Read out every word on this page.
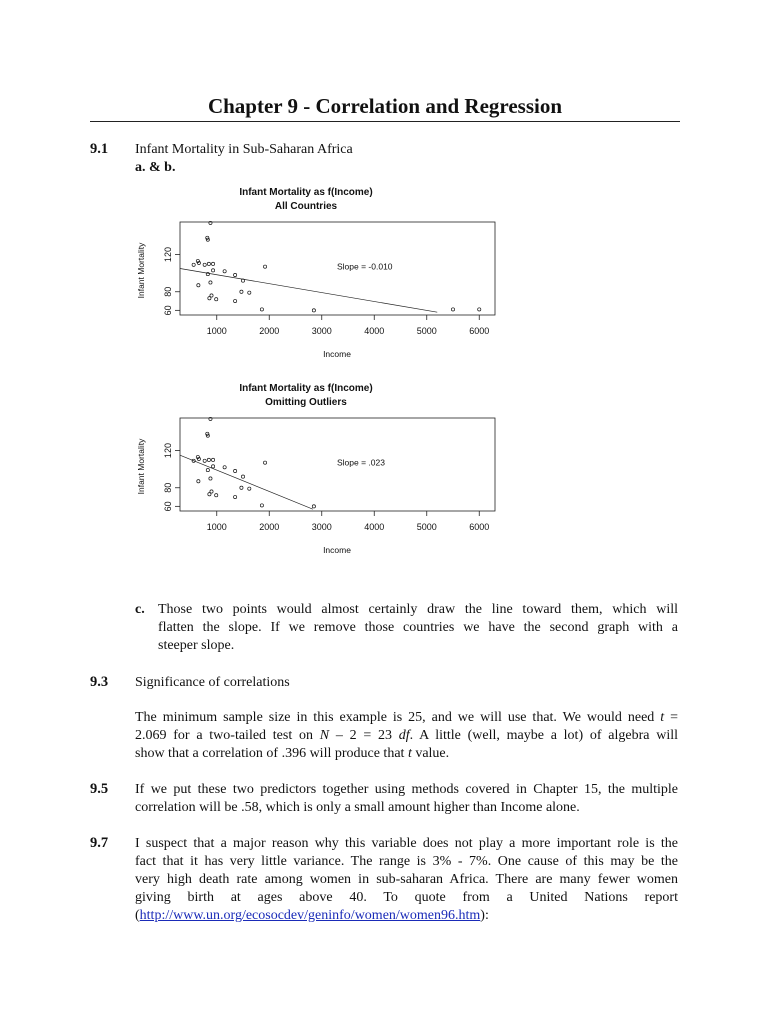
Chapter 9 - Correlation and Regression
9.1 Infant Mortality in Sub-Saharan Africa
a. & b.
Infant Mortality as f(Income)
All Countries
1000	2000	3000	4000	5000	6000
60
80
120
Income
Infant Mortality	Slope = -0.010
Infant Mortality as f(Income)
Omitting Outliers
1000	2000	3000	4000	5000	6000
60
80
120
Income
Infant Mortality	Slope = .023
c. Those two points would almost certainly draw the line toward them, which will
flatten the slope. If we remove those countries we have the second graph with a
steeper slope.
9.3 Significance of correlations
The minimum sample size in this example is 25, and we will use that. We would need t =
2.069 for a two-tailed test on N – 2 = 23 df. A little (well, maybe a lot) of algebra will
show that a correlation of .396 will produce that t value.
9.5 If we put these two predictors together using methods covered in Chapter 15, the multiple
correlation will be .58, which is only a small amount higher than Income alone.
9.7 I suspect that a major reason why this variable does not play a more important role is the
fact that it has very little variance. The range is 3% - 7%. One cause of this may be the
very high death rate among women in sub-saharan Africa. There are many fewer women
giving birth at ages above 40. To quote from a United Nations report
(http://www.un.org/ecosocdev/geninfo/women/women96.htm):
